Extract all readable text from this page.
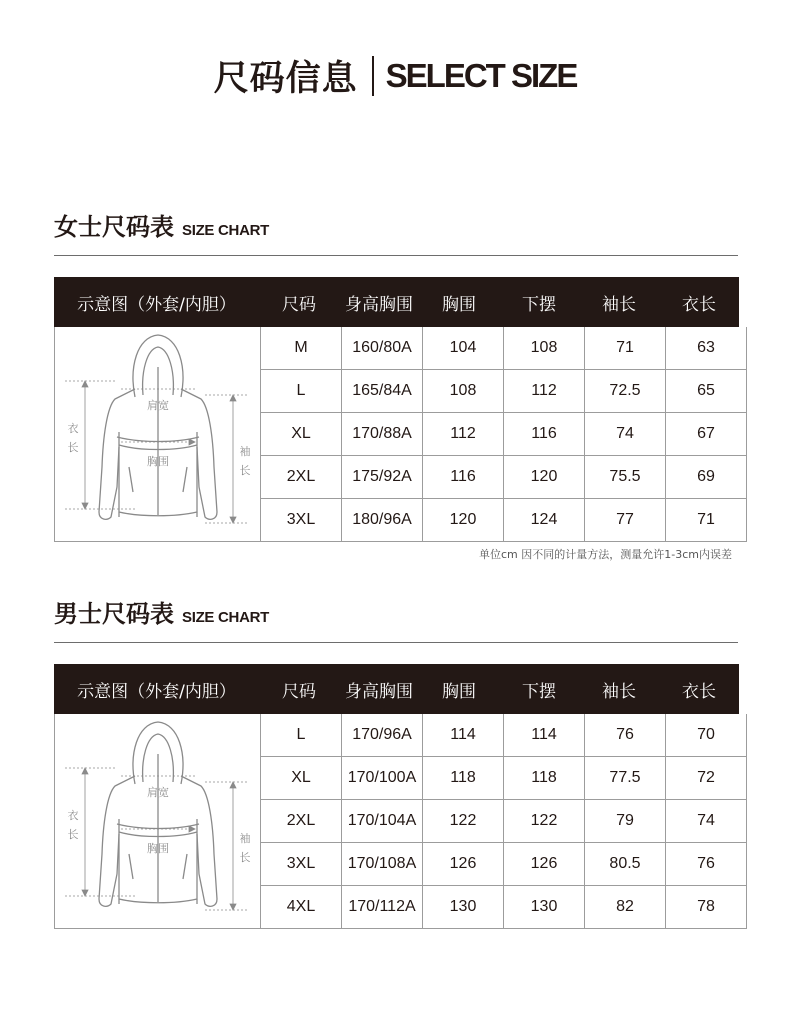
尺码信息 SELECT SIZE
女士尺码表 SIZE CHART
示意图（外套/内胆）	尺码	身高胸围	胸围	下摆	袖长	衣长
肩宽
胸围
衣
长	袖
长
M	160/80A	104	108	71	63
L	165/84A	108	112	72.5	65
XL	170/88A	112	116	74	67
2XL	175/92A	116	120	75.5	69
3XL	180/96A	120	124	77	71
单位cm 因不同的计量方法，测量允许1-3cm内误差
男士尺码表 SIZE CHART
示意图（外套/内胆）	尺码	身高胸围	胸围	下摆	袖长	衣长
肩宽
胸围
衣
长	袖
长
L	170/96A	114	114	76	70
XL	170/100A	118	118	77.5	72
2XL	170/104A	122	122	79	74
3XL	170/108A	126	126	80.5	76
4XL	170/112A	130	130	82	78
